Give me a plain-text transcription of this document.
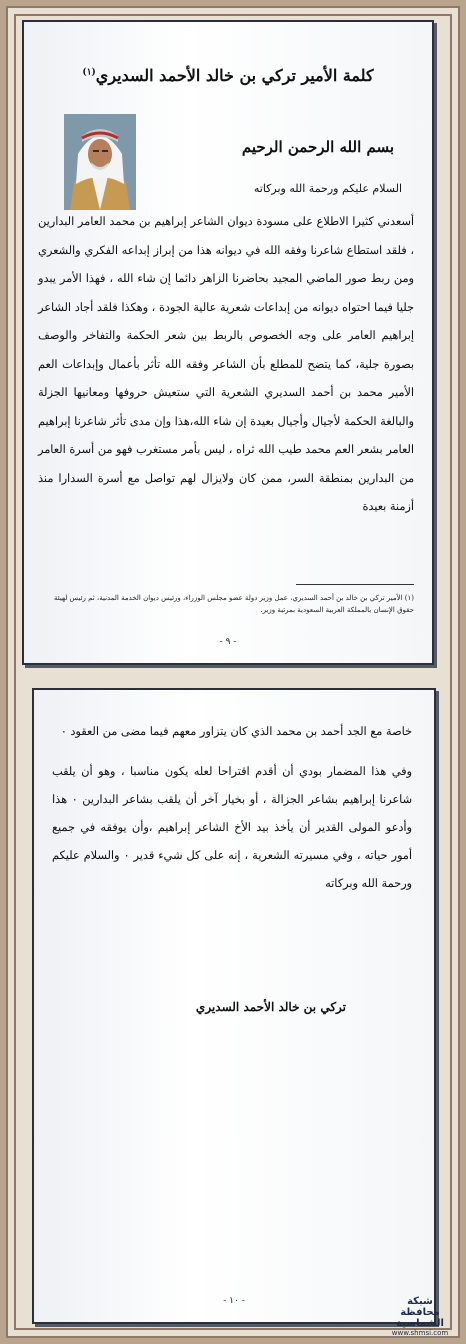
كلمة الأمير تركي بن خالد الأحمد السديري$^{(١)}$
بسم الله الرحمن الرحيم
السلام عليكم ورحمة الله وبركاته
أسعدني كثيرا الاطلاع على مسودة ديوان الشاعر إبراهيم بن محمد العامر البدارين ، فلقد استطاع شاعرنا وفقه الله في ديوانه هذا من إبراز إبداعه الفكري والشعري ومن ربط صور الماضي المجيد بحاضرنا الزاهر دائما إن شاء الله ، فهذا الأمر يبدو جليا فيما احتواه ديوانه من إبداعات شعرية عالية الجودة ، وهكذا فلقد أجاد الشاعر إبراهيم العامر على وجه الخصوص بالربط بين شعر الحكمة والتفاخر والوصف بصورة جلية، كما يتضح للمطلع بأن الشاعر وفقه الله تأثر بأعمال وإبداعات العم الأمير محمد بن أحمد السديري الشعرية التي ستعيش حروفها ومعانيها الجزلة والبالغة الحكمة لأجيال وأجيال بعيدة إن شاء الله،هذا وإن مدى تأثر شاعرنا إبراهيم العامر بشعر العم محمد طيب الله ثراه ، ليس بأمر مستغرب فهو من أسرة العامر من البدارين بمنطقة السر، ممن كان ولايزال لهم تواصل مع أسرة السدارا منذ أزمنة بعيدة
(١) الأمير تركي بن خالد بن أحمد السديري، عمل وزير دولة عضو مجلس الوزراء، ورئيس ديوان الخدمة المدنية، ثم رئيس لهيئة حقوق الإنسان بالمملكة العربية السعودية بمرتبة وزير.
- ٩ -

خاصة مع الجد أحمد بن محمد الذي كان يتزاور معهم فيما مضى من العقود ٠

وفي هذا المضمار بودي أن أقدم اقتراحا لعله يكون مناسبا ، وهو أن يلقب شاعرنا إبراهيم بشاعر الجزالة ، أو بخيار آخر أن يلقب بشاعر البدارين ٠ هذا وأدعو المولى القدير أن يأخذ بيد الأخ الشاعر إبراهيم ،وأن يوفقه في جميع أمور حياته ، وفي مسيرته الشعرية ، إنه على كل شيء قدير ٠ والسلام عليكم ورحمة الله وبركاته

تركي بن خالد الأحمد السديري
- ١٠ -	شبكة
محافظة الشماسية
www.shmsi.com
